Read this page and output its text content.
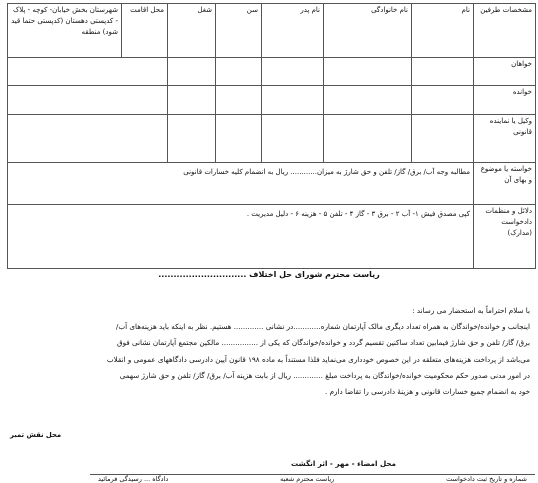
مشخصات طرفین	نام	نام خانوادگی	نام پدر	سن	شغل	محل اقامت	شهرستان بخش خیابان- کوچه - پلاک - کدپستی دهستان (کدپستی حتما قید شود) منطقه
خواهان							
خوانده							
وکیل یا نماینده قانونی							
خواسته یا موضوع و بهای آن	مطالبه وجه آب/ برق/ گاز/ تلفن و حق شارژ به میزان............ ریال به انضمام کلیه خسارات قانونی						
دلائل و منظمات دادخواست (مدارک)	کپی مصدق فیش ۱- آب ۲ - برق ۳ - گاز ۴ - تلفن ۵ - هزینه ۶ - دلیل مدیریت .						
ریاست محترم شورای حل اختلاف .............................

با سلام احتراماً به استحضار می رساند :

اینجانب و خوانده/خواندگان به همراه تعداد دیگری مالک آپارتمان شماره............در نشانی ............. هستیم. نظر به اینکه باید هزینه‌های آب/

برق/ گاز/ تلفن و حق شارژ فیمابین تعداد ساکنین تقسیم گردد و خوانده/خواندگان که یکی از ................ مالکین مجتمع آپارتمان نشانی فوق

می‌باشد از پرداخت هزینه‌های متعلقه در این خصوص خودداری می‌نماید فلذا مستنداً به ماده ۱۹۸ قانون آیین دادرسی دادگاههای عمومی و انقلاب

در امور مدنی صدور حکم محکومیت خوانده/خواندگان به پرداخت مبلغ ............. ریال از بابت هزینه آب/ برق/ گاز/ تلفن و حق شارژ سهمی

خود به انضمام جمیع خسارات قانونی و هزینهٔ دادرسی را تقاضا دارم .

محل امضاء - مهر - اثر انگشت
محل نقش تمبر
شماره و تاریخ ثبت دادخواست
ریاست محترم شعبه
دادگاه ... رسیدگی فرمائید
